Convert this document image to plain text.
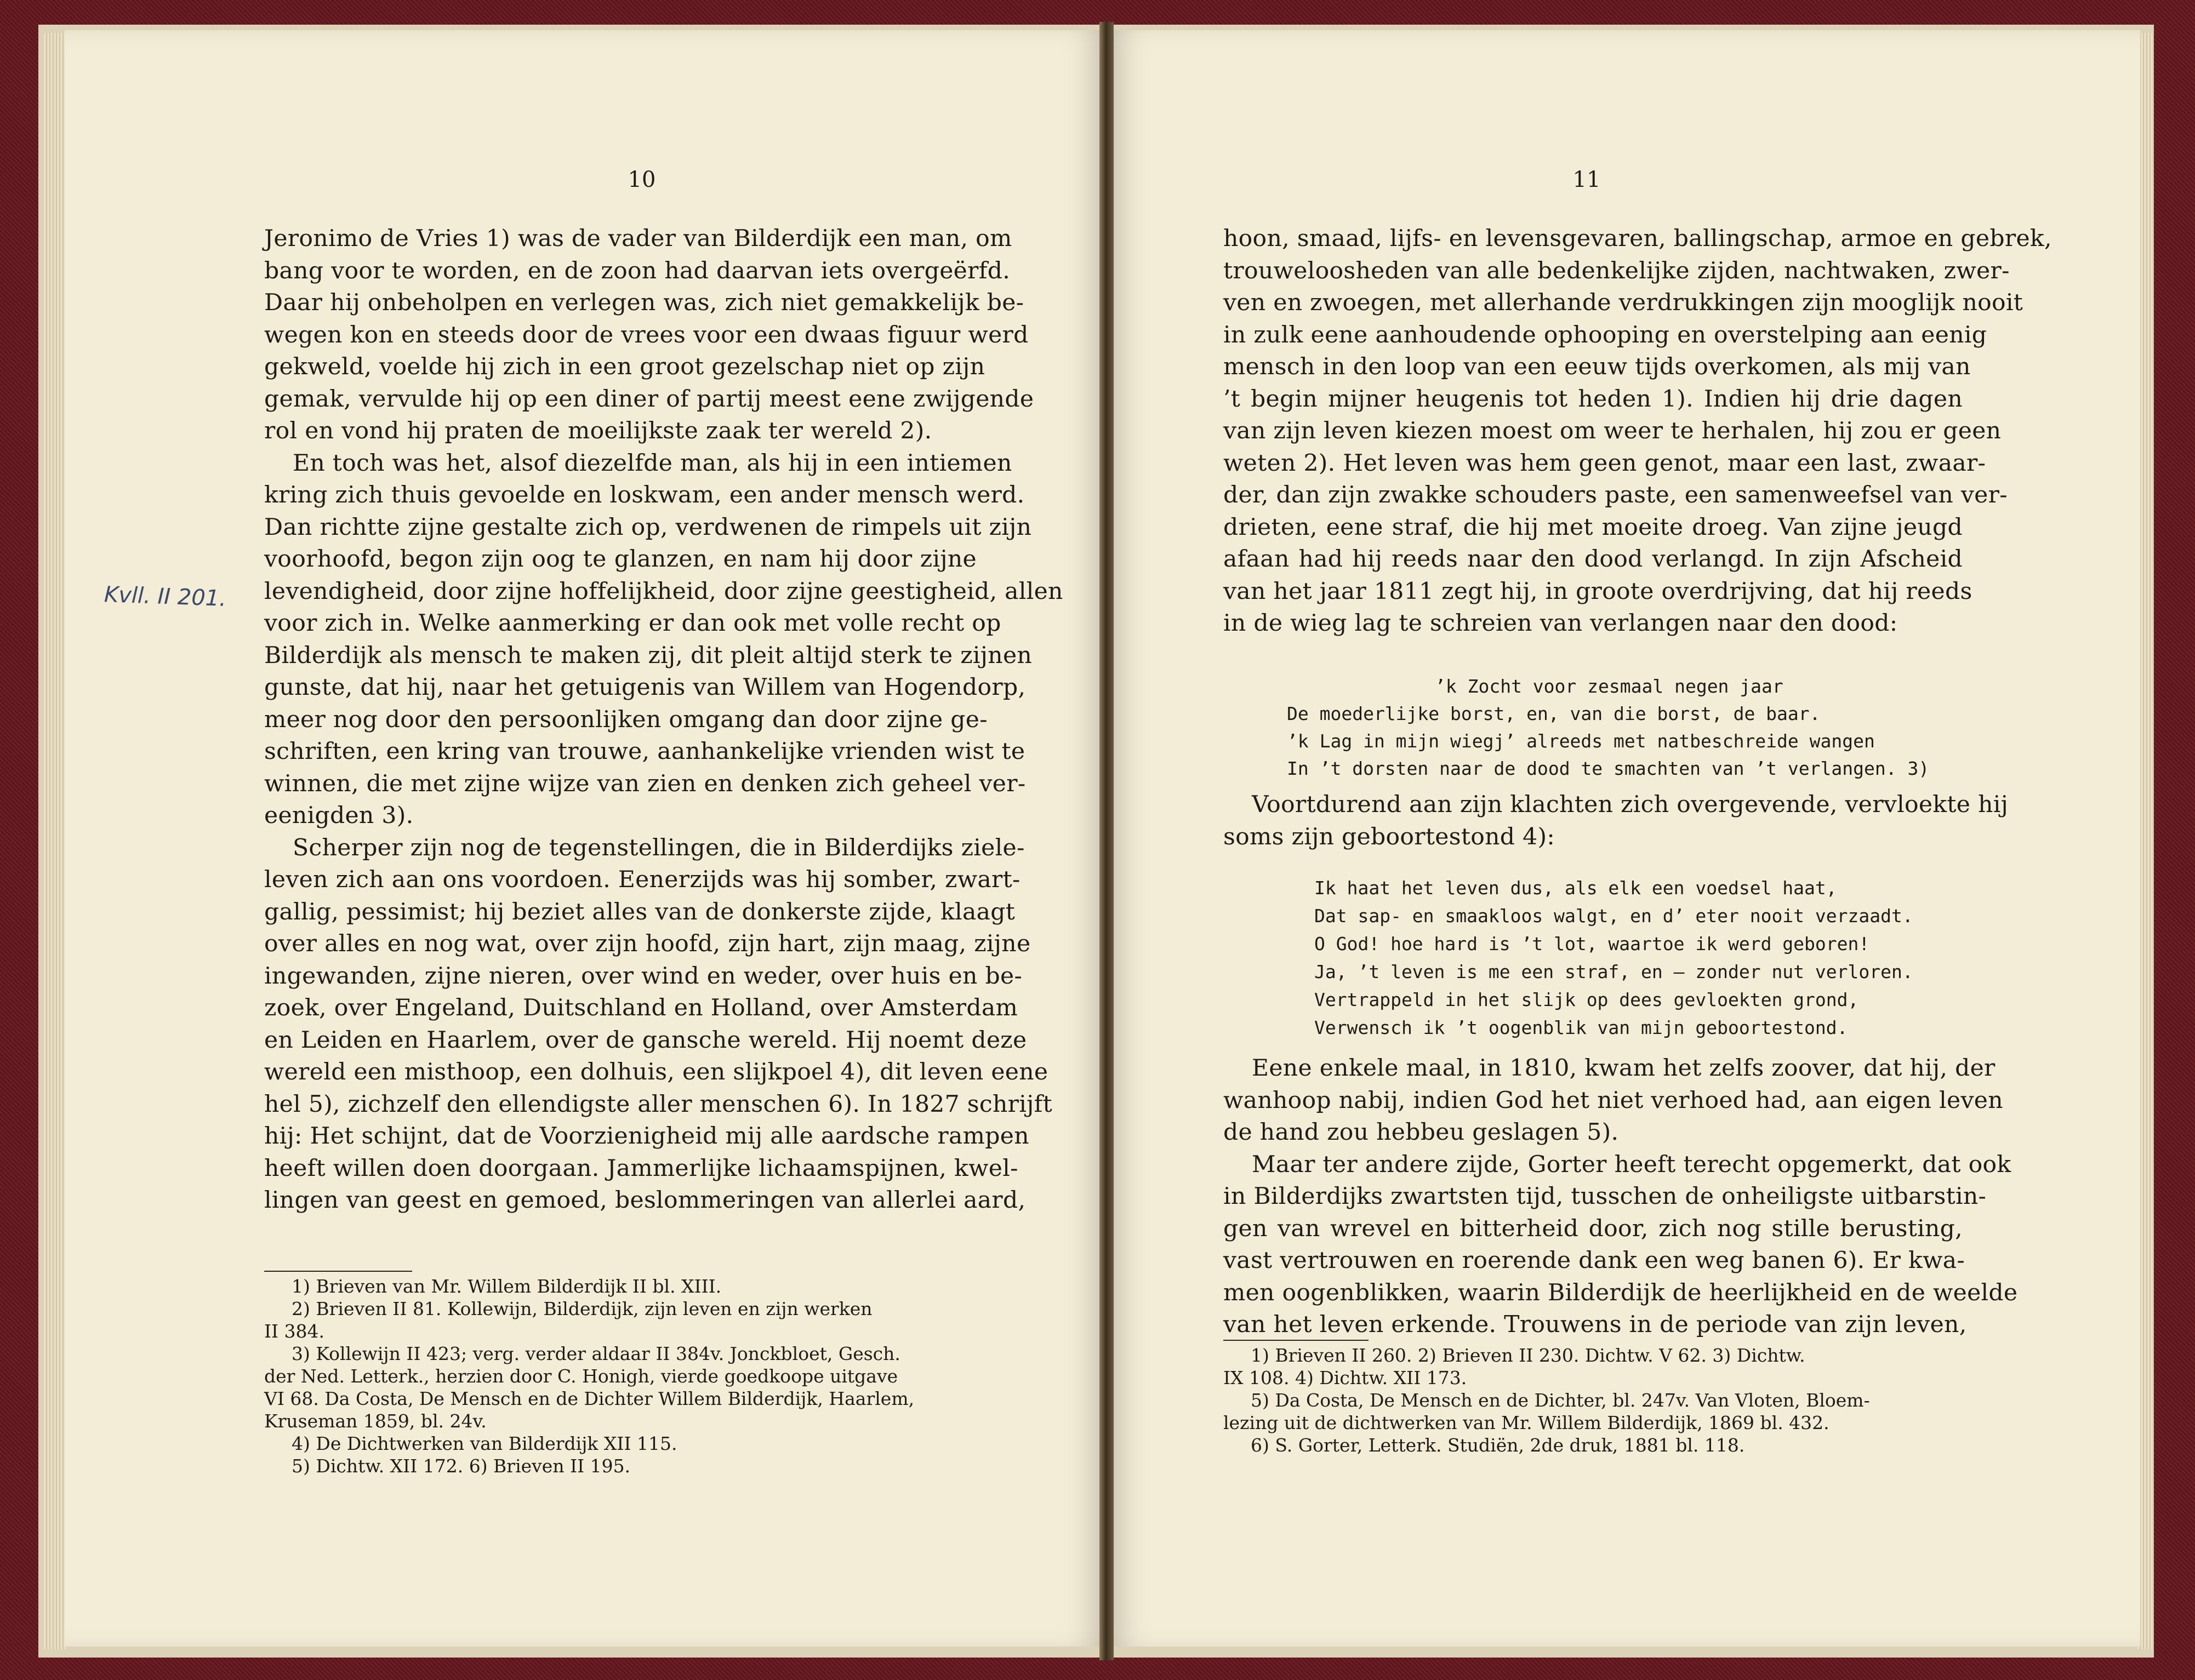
10
Jeronimo de Vries 1) was de vader van Bilderdijk een man, om
bang voor te worden, en de zoon had daarvan iets overgeërfd.
Daar hij onbeholpen en verlegen was, zich niet gemakkelijk be-
wegen kon en steeds door de vrees voor een dwaas figuur werd
gekweld, voelde hij zich in een groot gezelschap niet op zijn
gemak, vervulde hij op een diner of partij meest eene zwijgende
rol en vond hij praten de moeilijkste zaak ter wereld 2).
En toch was het, alsof diezelfde man, als hij in een intiemen
kring zich thuis gevoelde en loskwam, een ander mensch werd.
Dan richtte zijne gestalte zich op, verdwenen de rimpels uit zijn
voorhoofd, begon zijn oog te glanzen, en nam hij door zijne
levendigheid, door zijne hoffelijkheid, door zijne geestigheid, allen
voor zich in. Welke aanmerking er dan ook met volle recht op
Bilderdijk als mensch te maken zij, dit pleit altijd sterk te zijnen
gunste, dat hij, naar het getuigenis van Willem van Hogendorp,
meer nog door den persoonlijken omgang dan door zijne ge-
schriften, een kring van trouwe, aanhankelijke vrienden wist te
winnen, die met zijne wijze van zien en denken zich geheel ver-
eenigden 3).
Scherper zijn nog de tegenstellingen, die in Bilderdijks ziele-
leven zich aan ons voordoen. Eenerzijds was hij somber, zwart-
gallig, pessimist; hij beziet alles van de donkerste zijde, klaagt
over alles en nog wat, over zijn hoofd, zijn hart, zijn maag, zijne
ingewanden, zijne nieren, over wind en weder, over huis en be-
zoek, over Engeland, Duitschland en Holland, over Amsterdam
en Leiden en Haarlem, over de gansche wereld. Hij noemt deze
wereld een misthoop, een dolhuis, een slijkpoel 4), dit leven eene
hel 5), zichzelf den ellendigste aller menschen 6). In 1827 schrijft
hij: Het schijnt, dat de Voorzienigheid mij alle aardsche rampen
heeft willen doen doorgaan. Jammerlijke lichaamspijnen, kwel-
lingen van geest en gemoed, beslommeringen van allerlei aard,
1) Brieven van Mr. Willem Bilderdijk II bl. XIII.
2) Brieven II 81. Kollewijn, Bilderdijk, zijn leven en zijn werken
II 384.
3) Kollewijn II 423; verg. verder aldaar II 384v. Jonckbloet, Gesch.
der Ned. Letterk., herzien door C. Honigh, vierde goedkoope uitgave
VI 68. Da Costa, De Mensch en de Dichter Willem Bilderdijk, Haarlem,
Kruseman 1859, bl. 24v.
4) De Dichtwerken van Bilderdijk XII 115.
5) Dichtw. XII 172. 6) Brieven II 195.
Kvll. II 201.
11
hoon, smaad, lijfs- en levensgevaren, ballingschap, armoe en gebrek,
trouweloosheden van alle bedenkelijke zijden, nachtwaken, zwer-
ven en zwoegen, met allerhande verdrukkingen zijn mooglijk nooit
in zulk eene aanhoudende ophooping en overstelping aan eenig
mensch in den loop van een eeuw tijds overkomen, als mij van
’t begin mijner heugenis tot heden 1). Indien hij drie dagen
van zijn leven kiezen moest om weer te herhalen, hij zou er geen
weten 2). Het leven was hem geen genot, maar een last, zwaar-
der, dan zijn zwakke schouders paste, een samenweefsel van ver-
drieten, eene straf, die hij met moeite droeg. Van zijne jeugd
afaan had hij reeds naar den dood verlangd. In zijn Afscheid
van het jaar 1811 zegt hij, in groote overdrijving, dat hij reeds
in de wieg lag te schreien van verlangen naar den dood:
’k Zocht voor zesmaal negen jaar
De moederlijke borst, en, van die borst, de baar.
’k Lag in mijn wiegj’ alreeds met natbeschreide wangen
In ’t dorsten naar de dood te smachten van ’t verlangen. 3)
Voortdurend aan zijn klachten zich overgevende, vervloekte hij
soms zijn geboortestond 4):
Ik haat het leven dus, als elk een voedsel haat,
Dat sap- en smaakloos walgt, en d’ eter nooit verzaadt.
O God! hoe hard is ’t lot, waartoe ik werd geboren!
Ja, ’t leven is me een straf, en — zonder nut verloren.
Vertrappeld in het slijk op dees gevloekten grond,
Verwensch ik ’t oogenblik van mijn geboortestond.
Eene enkele maal, in 1810, kwam het zelfs zoover, dat hij, der
wanhoop nabij, indien God het niet verhoed had, aan eigen leven
de hand zou hebbeu geslagen 5).
Maar ter andere zijde, Gorter heeft terecht opgemerkt, dat ook
in Bilderdijks zwartsten tijd, tusschen de onheiligste uitbarstin-
gen van wrevel en bitterheid door, zich nog stille berusting,
vast vertrouwen en roerende dank een weg banen 6). Er kwa-
men oogenblikken, waarin Bilderdijk de heerlijkheid en de weelde
van het leven erkende. Trouwens in de periode van zijn leven,
1) Brieven II 260. 2) Brieven II 230. Dichtw. V 62. 3) Dichtw.
IX 108. 4) Dichtw. XII 173.
5) Da Costa, De Mensch en de Dichter, bl. 247v. Van Vloten, Bloem-
lezing uit de dichtwerken van Mr. Willem Bilderdijk, 1869 bl. 432.
6) S. Gorter, Letterk. Studiën, 2de druk, 1881 bl. 118.
